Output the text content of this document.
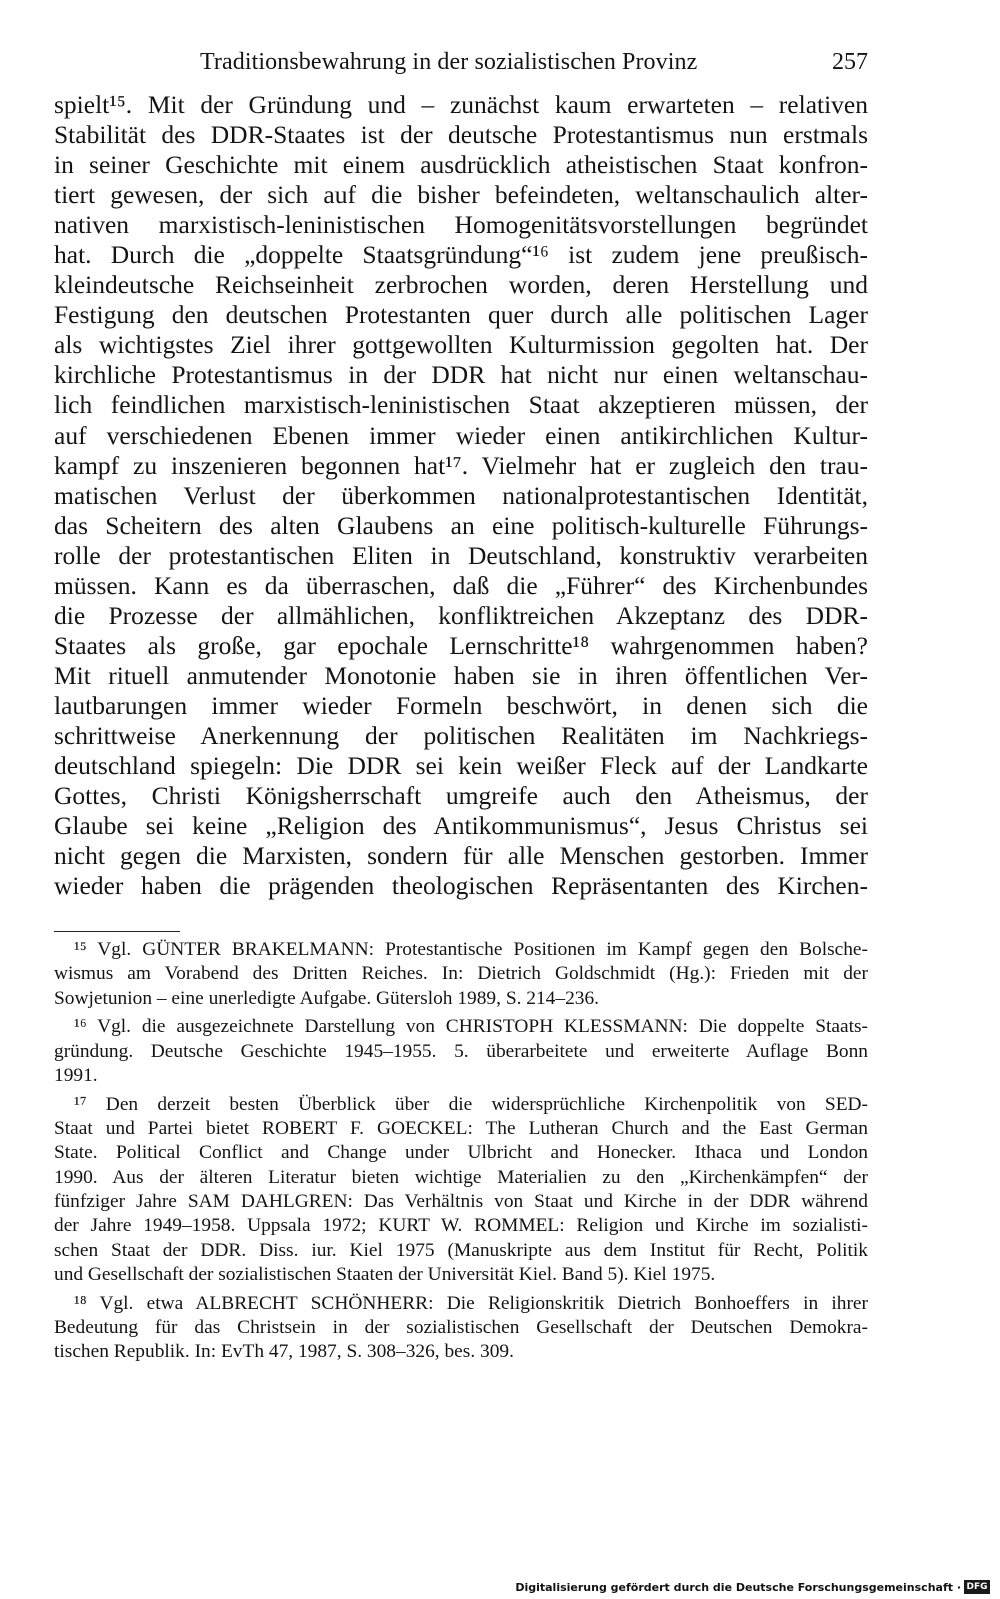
Traditionsbewahrung in der sozialistischen Provinz	257
spielt¹⁵. Mit der Gründung und – zunächst kaum erwarteten – relativen
Stabilität des DDR-Staates ist der deutsche Protestantismus nun erstmals
in seiner Geschichte mit einem ausdrücklich atheistischen Staat konfron-
tiert gewesen, der sich auf die bisher befeindeten, weltanschaulich alter-
nativen marxistisch-leninistischen Homogenitätsvorstellungen begründet
hat. Durch die „doppelte Staatsgründung“¹⁶ ist zudem jene preußisch-
kleindeutsche Reichseinheit zerbrochen worden, deren Herstellung und
Festigung den deutschen Protestanten quer durch alle politischen Lager
als wichtigstes Ziel ihrer gottgewollten Kulturmission gegolten hat. Der
kirchliche Protestantismus in der DDR hat nicht nur einen weltanschau-
lich feindlichen marxistisch-leninistischen Staat akzeptieren müssen, der
auf verschiedenen Ebenen immer wieder einen antikirchlichen Kultur-
kampf zu inszenieren begonnen hat¹⁷. Vielmehr hat er zugleich den trau-
matischen Verlust der überkommen nationalprotestantischen Identität,
das Scheitern des alten Glaubens an eine politisch-kulturelle Führungs-
rolle der protestantischen Eliten in Deutschland, konstruktiv verarbeiten
müssen. Kann es da überraschen, daß die „Führer“ des Kirchenbundes
die Prozesse der allmählichen, konfliktreichen Akzeptanz des DDR-
Staates als große, gar epochale Lernschritte¹⁸ wahrgenommen haben?
Mit rituell anmutender Monotonie haben sie in ihren öffentlichen Ver-
lautbarungen immer wieder Formeln beschwört, in denen sich die
schrittweise Anerkennung der politischen Realitäten im Nachkriegs-
deutschland spiegeln: Die DDR sei kein weißer Fleck auf der Landkarte
Gottes, Christi Königsherrschaft umgreife auch den Atheismus, der
Glaube sei keine „Religion des Antikommunismus“, Jesus Christus sei
nicht gegen die Marxisten, sondern für alle Menschen gestorben. Immer
wieder haben die prägenden theologischen Repräsentanten des Kirchen-
¹⁵ Vgl. GÜNTER BRAKELMANN: Protestantische Positionen im Kampf gegen den Bolsche-
wismus am Vorabend des Dritten Reiches. In: Dietrich Goldschmidt (Hg.): Frieden mit der
Sowjetunion – eine unerledigte Aufgabe. Gütersloh 1989, S. 214–236.
¹⁶ Vgl. die ausgezeichnete Darstellung von CHRISTOPH KLESSMANN: Die doppelte Staats-
gründung. Deutsche Geschichte 1945–1955. 5. überarbeitete und erweiterte Auflage Bonn
1991.
¹⁷ Den derzeit besten Überblick über die widersprüchliche Kirchenpolitik von SED-
Staat und Partei bietet ROBERT F. GOECKEL: The Lutheran Church and the East German
State. Political Conflict and Change under Ulbricht and Honecker. Ithaca und London
1990. Aus der älteren Literatur bieten wichtige Materialien zu den „Kirchenkämpfen“ der
fünfziger Jahre SAM DAHLGREN: Das Verhältnis von Staat und Kirche in der DDR während
der Jahre 1949–1958. Uppsala 1972; KURT W. ROMMEL: Religion und Kirche im sozialisti-
schen Staat der DDR. Diss. iur. Kiel 1975 (Manuskripte aus dem Institut für Recht, Politik
und Gesellschaft der sozialistischen Staaten der Universität Kiel. Band 5). Kiel 1975.
¹⁸ Vgl. etwa ALBRECHT SCHÖNHERR: Die Religionskritik Dietrich Bonhoeffers in ihrer
Bedeutung für das Christsein in der sozialistischen Gesellschaft der Deutschen Demokra-
tischen Republik. In: EvTh 47, 1987, S. 308–326, bes. 309.
Digitalisierung gefördert durch die Deutsche Forschungsgemeinschaft · DFG
